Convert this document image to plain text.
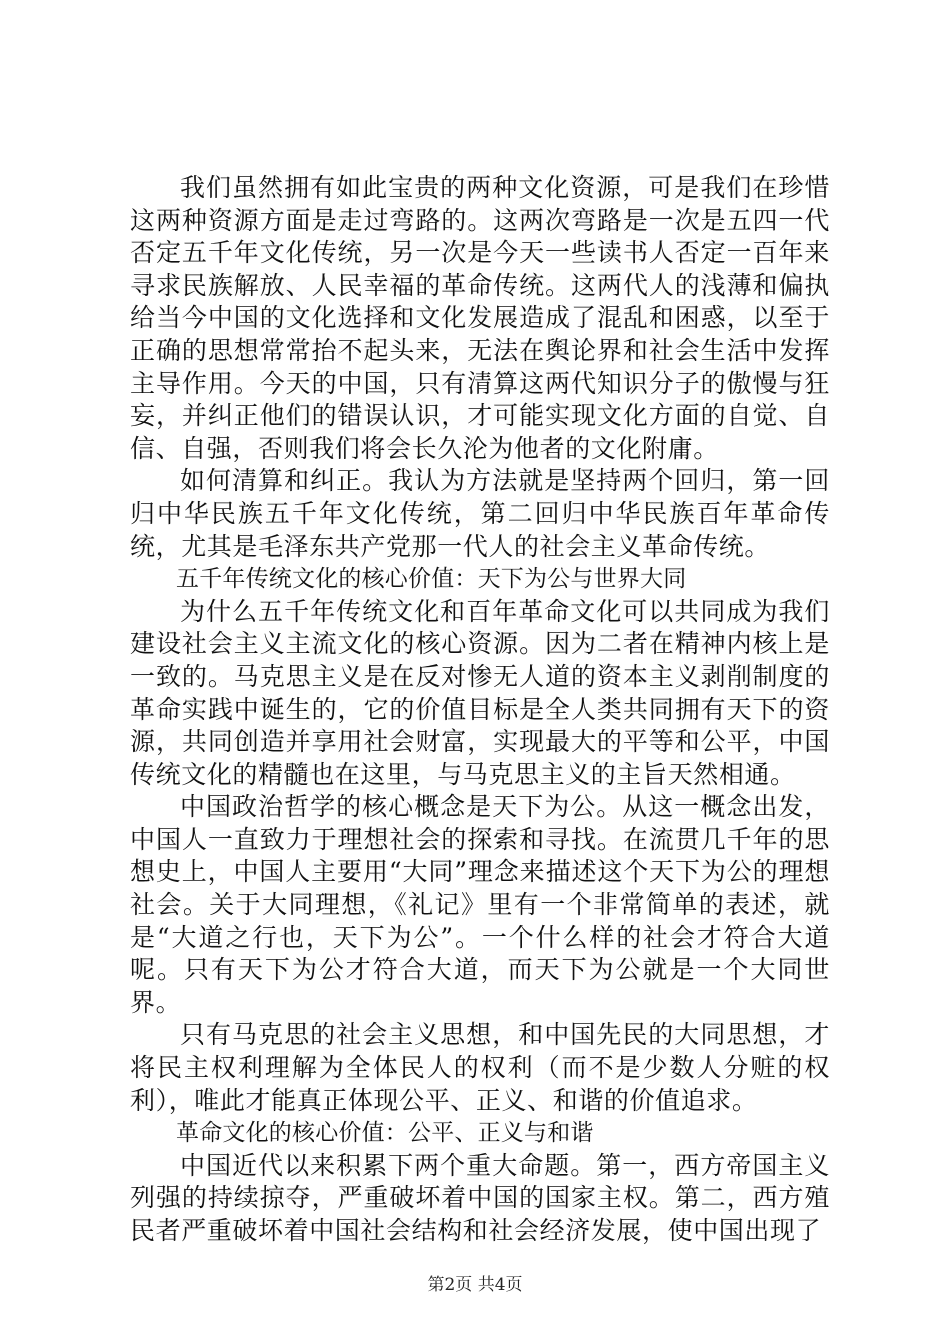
我们虽然拥有如此宝贵的两种文化资源，可是我们在珍惜这两种资源方面是走过弯路的。这两次弯路是一次是五四一代否定五千年文化传统，另一次是今天一些读书人否定一百年来寻求民族解放、人民幸福的革命传统。这两代人的浅薄和偏执给当今中国的文化选择和文化发展造成了混乱和困惑，以至于正确的思想常常抬不起头来，无法在舆论界和社会生活中发挥主导作用。今天的中国，只有清算这两代知识分子的傲慢与狂妄，并纠正他们的错误认识，才可能实现文化方面的自觉、自信、自强，否则我们将会长久沦为他者的文化附庸。

如何清算和纠正。我认为方法就是坚持两个回归，第一回归中华民族五千年文化传统，第二回归中华民族百年革命传统，尤其是毛泽东共产党那一代人的社会主义革命传统。

五千年传统文化的核心价值：天下为公与世界大同

为什么五千年传统文化和百年革命文化可以共同成为我们建设社会主义主流文化的核心资源。因为二者在精神内核上是一致的。马克思主义是在反对惨无人道的资本主义剥削制度的革命实践中诞生的，它的价值目标是全人类共同拥有天下的资源，共同创造并享用社会财富，实现最大的平等和公平，中国传统文化的精髓也在这里，与马克思主义的主旨天然相通。

中国政治哲学的核心概念是天下为公。从这一概念出发，中国人一直致力于理想社会的探索和寻找。在流贯几千年的思想史上，中国人主要用“大同”理念来描述这个天下为公的理想社会。关于大同理想，《礼记》里有一个非常简单的表述，就是“大道之行也，天下为公”。一个什么样的社会才符合大道呢。只有天下为公才符合大道，而天下为公就是一个大同世界。

只有马克思的社会主义思想，和中国先民的大同思想，才将民主权利理解为全体民人的权利（而不是少数人分赃的权利），唯此才能真正体现公平、正义、和谐的价值追求。

革命文化的核心价值：公平、正义与和谐

中国近代以来积累下两个重大命题。第一，西方帝国主义列强的持续掠夺，严重破坏着中国的国家主权。第二，西方殖民者严重破坏着中国社会结构和社会经济发展，使中国出现了

第2页 共4页
